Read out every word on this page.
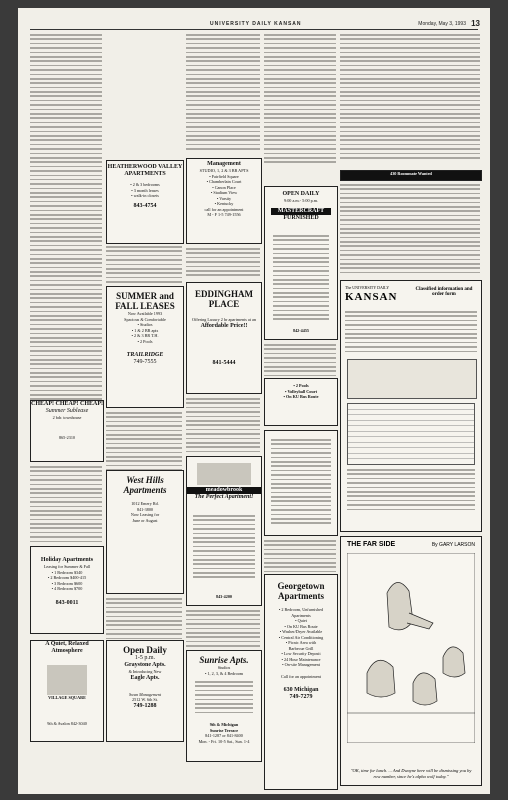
UNIVERSITY DAILY KANSAN	Monday, May 3, 1993 13
CHEAP! CHEAP! CHEAP!
Summer Sublease
2 bdr. townhouse
865-2310
Holiday Apartments
Leasing for Summer & Fall
• 1 Bedroom $340
• 2 Bedroom $400-415
• 3 Bedroom $600
• 4 Bedroom $700
843-0011
A Quiet, Relaxed Atmosphere
VILLAGE SQUARE
9th & Avalon 842-3040
HEATHERWOOD VALLEY APARTMENTS
• 2 & 3 bedrooms
• 3 month leases
• walk-in closets
843-4754
SUMMER and FALL LEASES
Now Available 1993
Spacious & Comfortable
• Studios
• 1 & 2 BR apts
• 2 & 3 BR T.H.
• 2 Pools
TRAILRIDGE
749-7555
West Hills Apartments
1012 Emery Rd.
841-3800
Now Leasing for
June or August
Open Daily
1-5 p.m.
Graystone Apts.
& Introducing New
Eagle Apts.
Swan Management
2512 W. 6th St.
749-1288
Management
STUDIO, 1, 2 & 3 BR APTS
• Fairfield Square
• Chamberlain Court
• Canon Place
• Stadium View
• Varsity
• Kentucky
call for an appointment
M - F 1-5 749-1556
EDDINGHAM PLACE
Offering Luxury 2 br apartments at an
Affordable Price!!
841-5444
meadowbrook
The Perfect Apartment!
843-4200
Sunrise Apts.
Studios
• 1, 2, 3, & 4 Bedroom
9th & Michigan
Sunrise Terrace
841-1287 or 841-8400
Mon. - Fri. 10-5 Sat., Sun. 1-4
OPEN DAILY
9:00 a.m.- 5:00 p.m.
MASTERCRAFT
FURNISHED
842-4455
• 2 Pools
• Volleyball Court
• On KU Bus Route
Georgetown Apartments
• 2 Bedroom, Unfurnished
Apartments
• Quiet
• On KU Bus Route
• Washer/Dryer Available
• Central Air Conditioning
• Picnic Area with
Barbecue Grill
• Low Security Deposit
• 24 Hour Maintenance
• On-site Management
Call for an appointment
630 Michigan
749-7279
430 Roommate Wanted
The UNIVERSITY DAILY
KANSAN
Classified information and order form
THE FAR SIDE	By GARY LARSON
"OK, time for lunch. ... And Dwayne here will be dismissing you by row number, since he's alpha wolf today."
